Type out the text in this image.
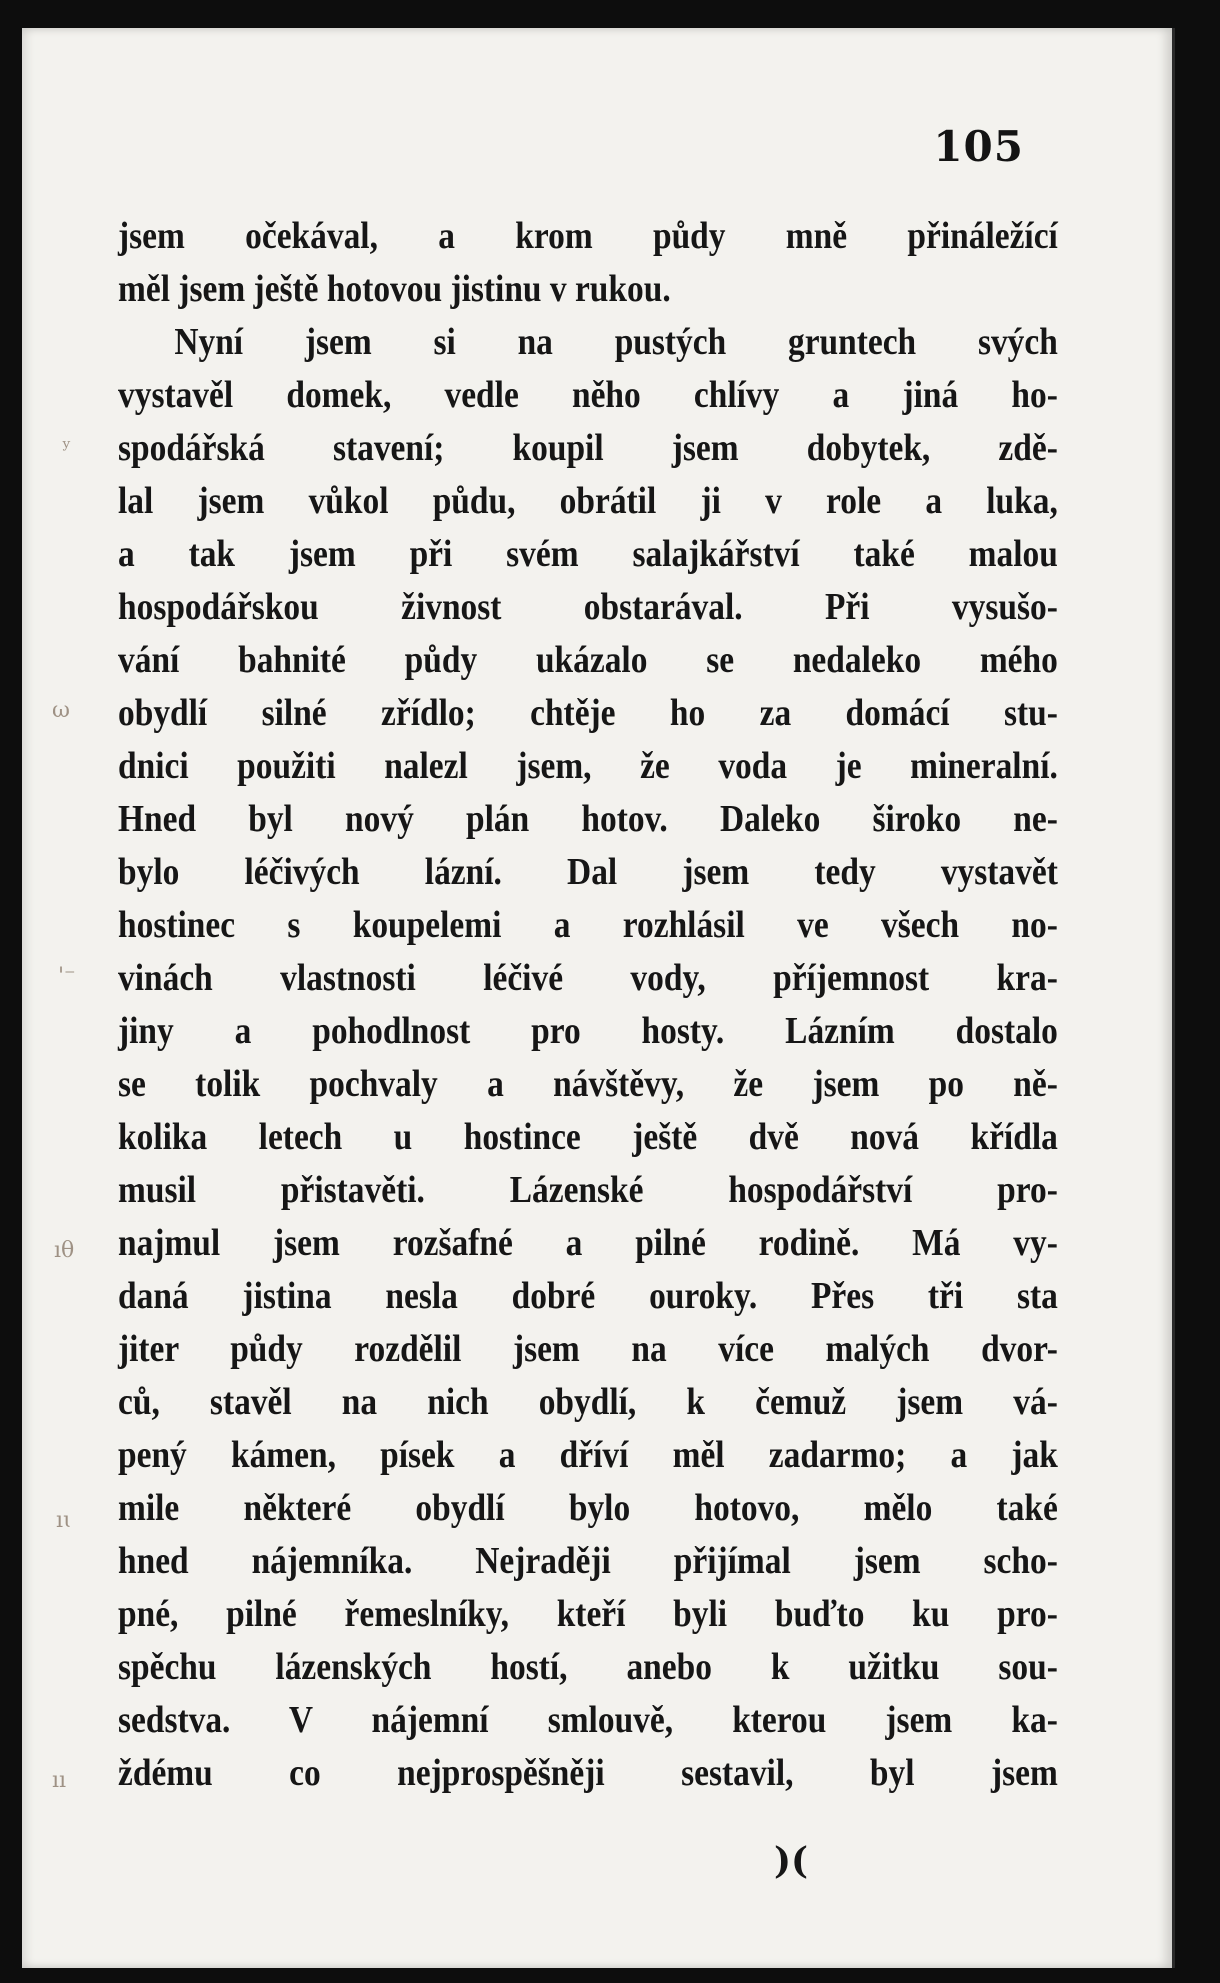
105
jsem očekával, a krom půdy mně přináležící
měl jsem ještě hotovou jistinu v rukou.
Nyní jsem si na pustých gruntech svých
vystavěl domek, vedle něho chlívy a jiná ho-
spodářská stavení; koupil jsem dobytek, zdě-
lal jsem vůkol půdu, obrátil ji v role a luka,
a tak jsem při svém salajkářství také malou
hospodářskou živnost obstarával. Při vysušo-
vání bahnité půdy ukázalo se nedaleko mého
obydlí silné zřídlo; chtěje ho za domácí stu-
dnici použiti nalezl jsem, že voda je mineralní.
Hned byl nový plán hotov. Daleko široko ne-
bylo léčivých lázní. Dal jsem tedy vystavět
hostinec s koupelemi a rozhlásil ve všech no-
vinách vlastnosti léčivé vody, příjemnost kra-
jiny a pohodlnost pro hosty. Lázním dostalo
se tolik pochvaly a návštěvy, že jsem po ně-
kolika letech u hostince ještě dvě nová křídla
musil přistavěti. Lázenské hospodářství pro-
najmul jsem rozšafné a pilné rodině. Má vy-
daná jistina nesla dobré ouroky. Přes tři sta
jiter půdy rozdělil jsem na více malých dvor-
ců, stavěl na nich obydlí, k čemuž jsem vá-
pený kámen, písek a dříví měl zadarmo; a jak
mile některé obydlí bylo hotovo, mělo také
hned nájemníka. Nejraději přijímal jsem scho-
pné, pilné řemeslníky, kteří byli buďto ku pro-
spěchu lázenských hostí, anebo k užitku sou-
sedstva. V nájemní smlouvě, kterou jsem ka-
ždému co nejprospěšněji sestavil, byl jsem
)(
ʸ
ω
'⁻
ıθ
ıɩ
ıı
